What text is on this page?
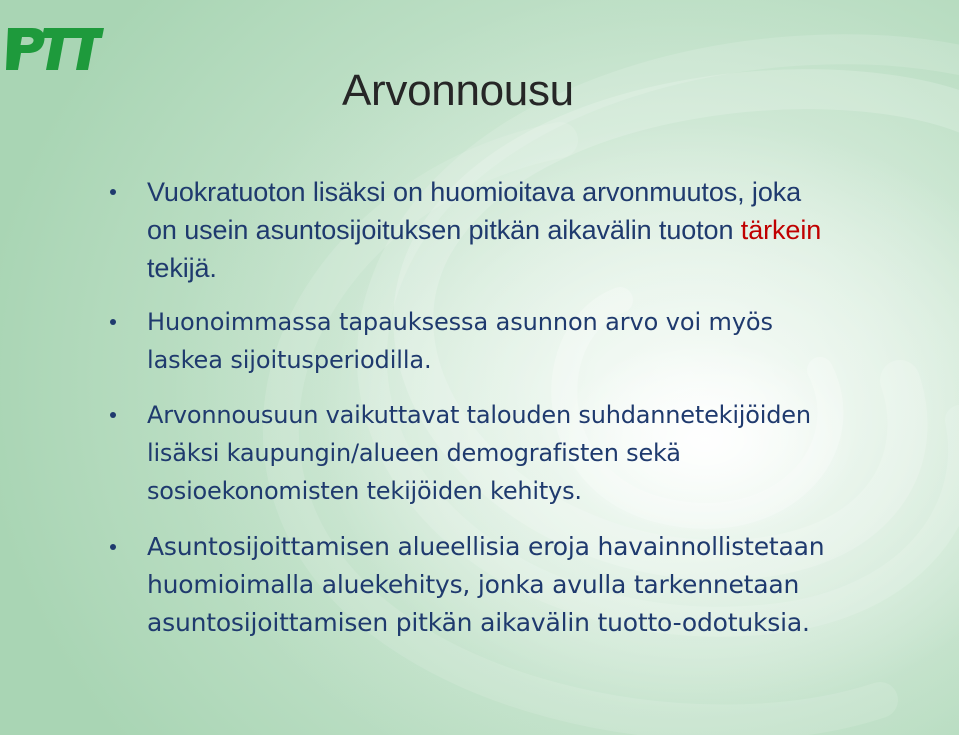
Arvonnousu
Vuokratuoton lisäksi on huomioitava arvonmuutos, joka on usein asuntosijoituksen pitkän aikavälin tuoton tärkein tekijä.
Huonoimmassa tapauksessa asunnon arvo voi myös laskea sijoitusperiodilla.
Arvonnousuun vaikuttavat talouden suhdannetekijöiden lisäksi kaupungin/alueen demografisten sekä sosioekonomisten tekijöiden kehitys.
Asuntosijoittamisen alueellisia eroja havainnollistetaan huomioimalla aluekehitys, jonka avulla tarkennetaan asuntosijoittamisen pitkän aikavälin tuotto-odotuksia.
